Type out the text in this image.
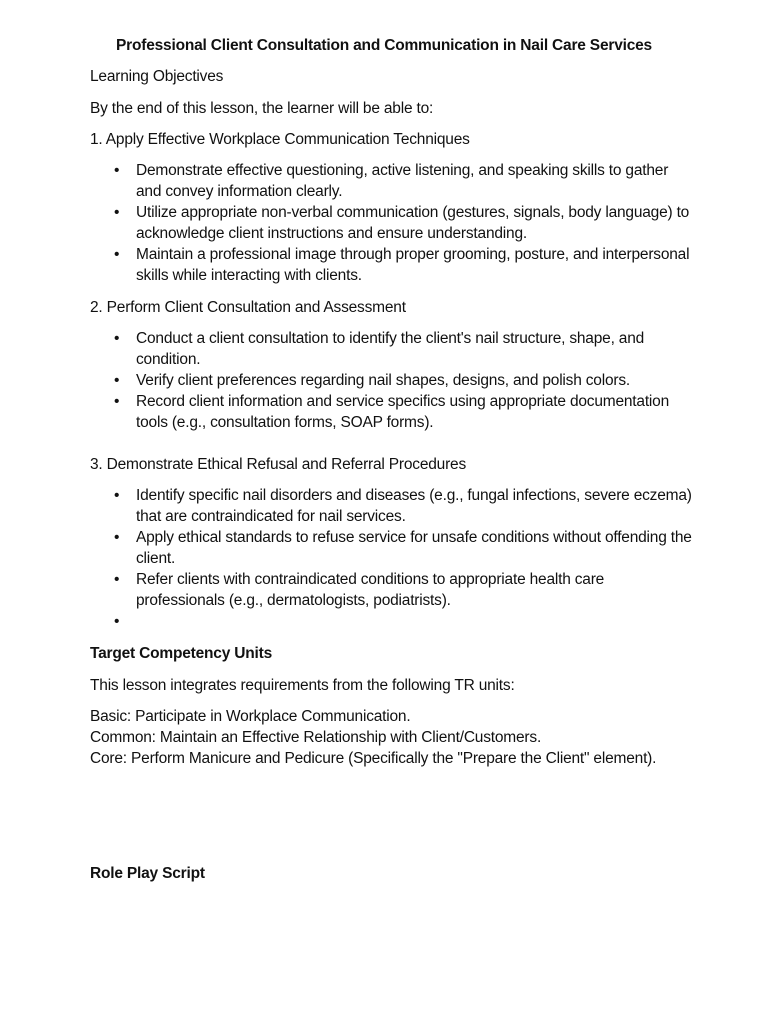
Professional Client Consultation and Communication in Nail Care Services
Learning Objectives
By the end of this lesson, the learner will be able to:
1. Apply Effective Workplace Communication Techniques
• Demonstrate effective questioning, active listening, and speaking skills to gather and convey information clearly.
• Utilize appropriate non-verbal communication (gestures, signals, body language) to acknowledge client instructions and ensure understanding.
• Maintain a professional image through proper grooming, posture, and interpersonal skills while interacting with clients.
2. Perform Client Consultation and Assessment
• Conduct a client consultation to identify the client's nail structure, shape, and condition.
• Verify client preferences regarding nail shapes, designs, and polish colors.
• Record client information and service specifics using appropriate documentation tools (e.g., consultation forms, SOAP forms).
3. Demonstrate Ethical Refusal and Referral Procedures
• Identify specific nail disorders and diseases (e.g., fungal infections, severe eczema) that are contraindicated for nail services.
• Apply ethical standards to refuse service for unsafe conditions without offending the client.
• Refer clients with contraindicated conditions to appropriate health care professionals (e.g., dermatologists, podiatrists).
•
Target Competency Units
This lesson integrates requirements from the following TR units:
Basic: Participate in Workplace Communication.
Common: Maintain an Effective Relationship with Client/Customers.
Core: Perform Manicure and Pedicure (Specifically the "Prepare the Client" element).
Role Play Script
